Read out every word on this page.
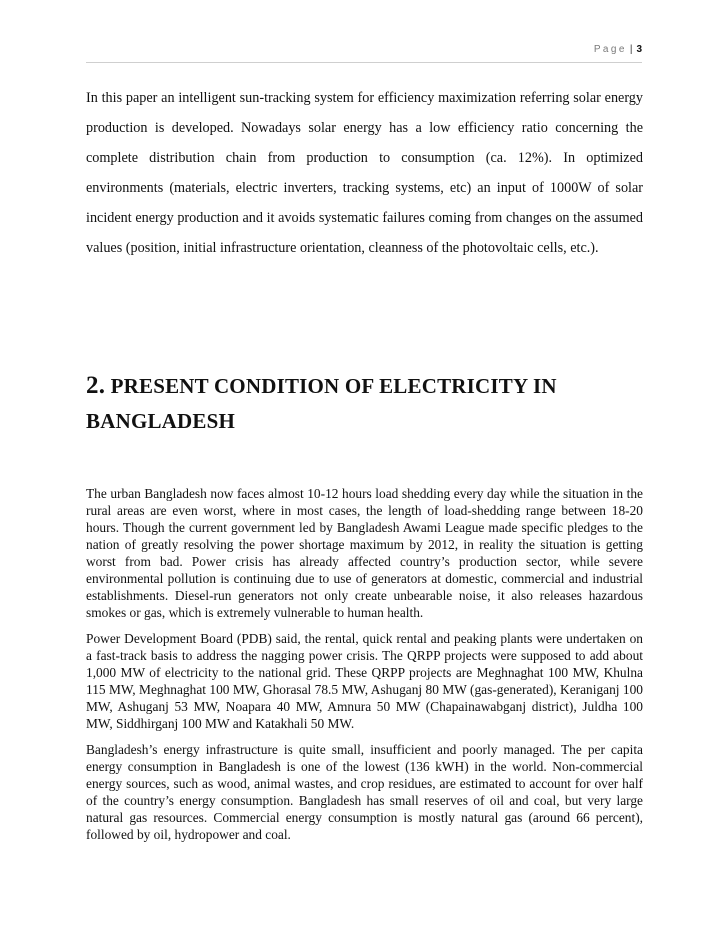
Page | 3

In this paper an intelligent sun-tracking system for efficiency maximization referring solar energy production is developed. Nowadays solar energy has a low efficiency ratio concerning the complete distribution chain from production to consumption (ca. 12%). In optimized environments (materials, electric inverters, tracking systems, etc) an input of 1000W of solar incident energy production and it avoids systematic failures coming from changes on the assumed values (position, initial infrastructure orientation, cleanness of the photovoltaic cells, etc.).

2. PRESENT CONDITION OF ELECTRICITY IN BANGLADESH

The urban Bangladesh now faces almost 10-12 hours load shedding every day while the situation in the rural areas are even worst, where in most cases, the length of load-shedding range between 18-20 hours. Though the current government led by Bangladesh Awami League made specific pledges to the nation of greatly resolving the power shortage maximum by 2012, in reality the situation is getting worst from bad. Power crisis has already affected country’s production sector, while severe environmental pollution is continuing due to use of generators at domestic, commercial and industrial establishments. Diesel-run generators not only create unbearable noise, it also releases hazardous smokes or gas, which is extremely vulnerable to human health.

Power Development Board (PDB) said, the rental, quick rental and peaking plants were undertaken on a fast-track basis to address the nagging power crisis. The QRPP projects were supposed to add about 1,000 MW of electricity to the national grid. These QRPP projects are Meghnaghat 100 MW, Khulna 115 MW, Meghnaghat 100 MW, Ghorasal 78.5 MW, Ashuganj 80 MW (gas-generated), Keraniganj 100 MW, Ashuganj 53 MW, Noapara 40 MW, Amnura 50 MW (Chapainawabganj district), Juldha 100 MW, Siddhirganj 100 MW and Katakhali 50 MW.

Bangladesh’s energy infrastructure is quite small, insufficient and poorly managed. The per capita energy consumption in Bangladesh is one of the lowest (136 kWH) in the world. Non-commercial energy sources, such as wood, animal wastes, and crop residues, are estimated to account for over half of the country’s energy consumption. Bangladesh has small reserves of oil and coal, but very large natural gas resources. Commercial energy consumption is mostly natural gas (around 66 percent), followed by oil, hydropower and coal.
